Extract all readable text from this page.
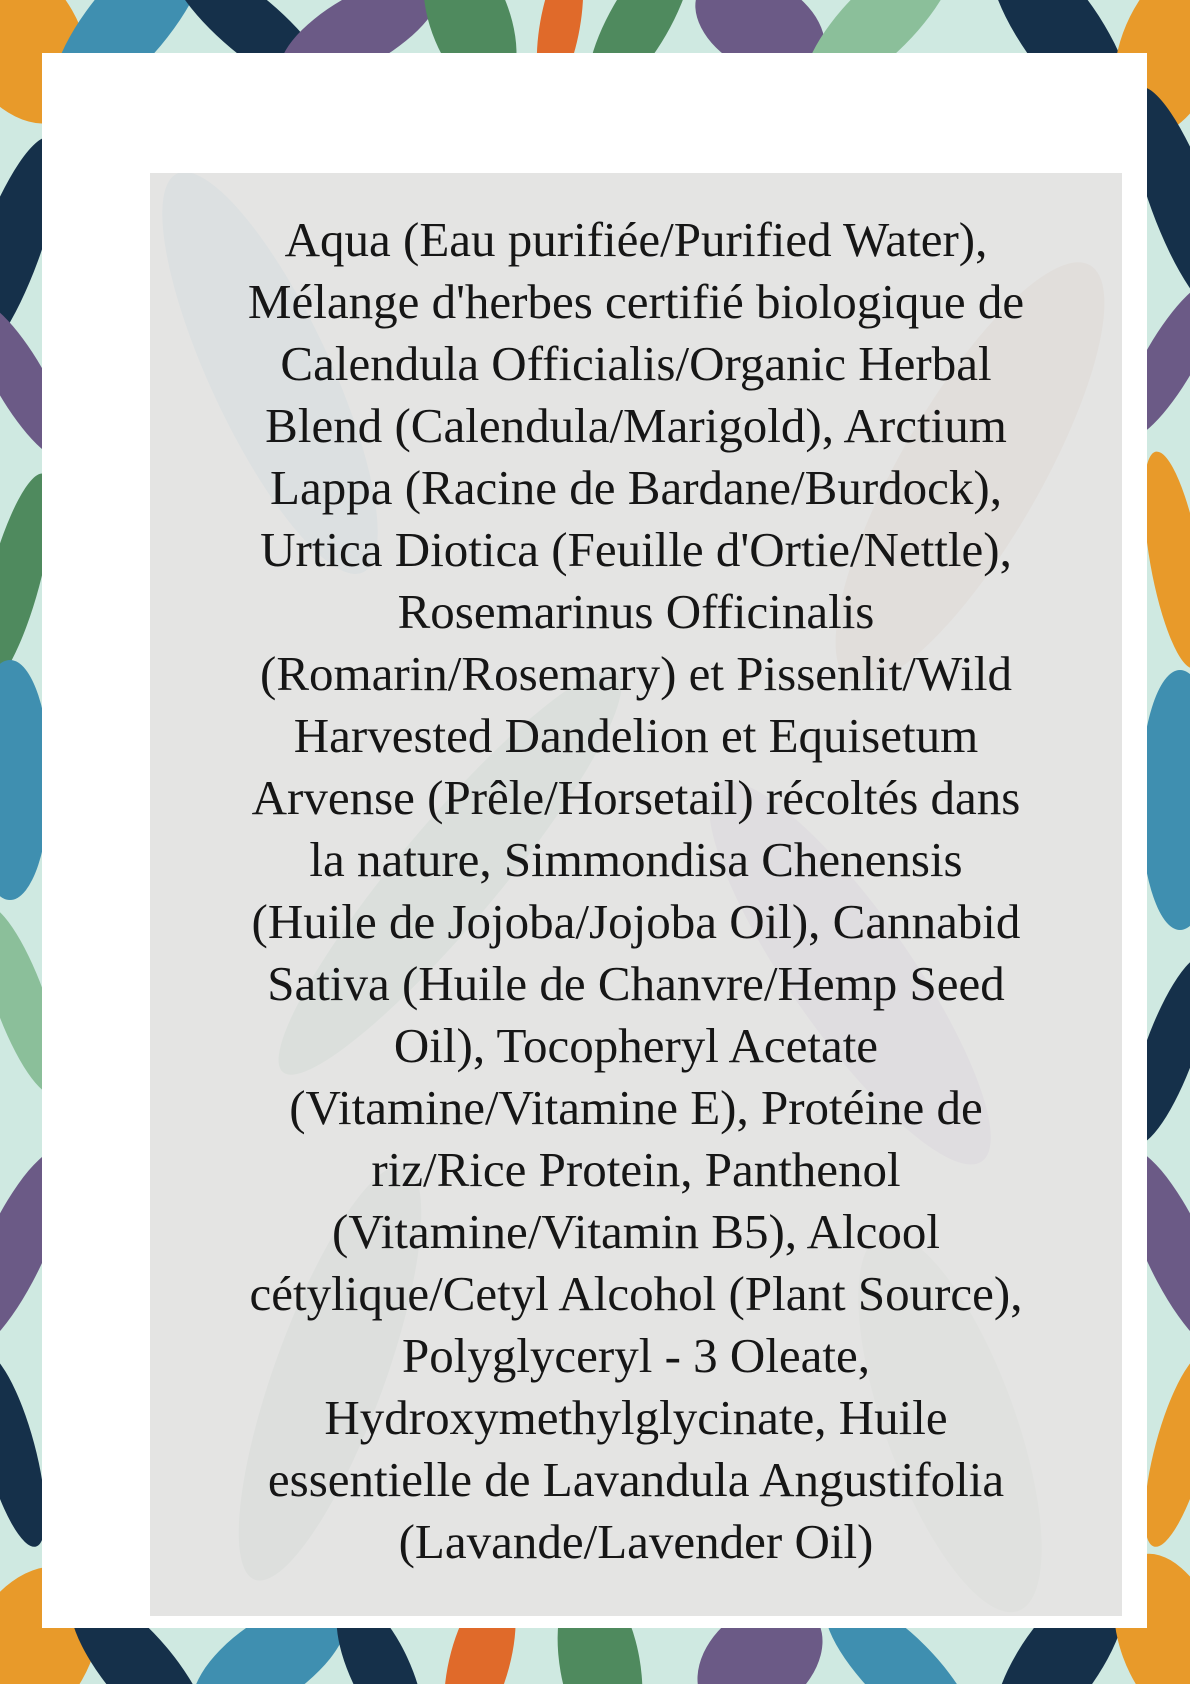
Aqua (Eau purifiée/Purified Water),
Mélange d'herbes certifié biologique de
Calendula Officialis/Organic Herbal
Blend (Calendula/Marigold), Arctium
Lappa (Racine de Bardane/Burdock),
Urtica Diotica (Feuille d'Ortie/Nettle),
Rosemarinus Officinalis
(Romarin/Rosemary) et Pissenlit/Wild
Harvested Dandelion et Equisetum
Arvense (Prêle/Horsetail) récoltés dans
la nature, Simmondisa Chenensis
(Huile de Jojoba/Jojoba Oil), Cannabid
Sativa (Huile de Chanvre/Hemp Seed
Oil), Tocopheryl Acetate
(Vitamine/Vitamine E), Protéine de
riz/Rice Protein, Panthenol
(Vitamine/Vitamin B5), Alcool
cétylique/Cetyl Alcohol (Plant Source),
Polyglyceryl - 3 Oleate,
Hydroxymethylglycinate, Huile
essentielle de Lavandula Angustifolia
(Lavande/Lavender Oil)
